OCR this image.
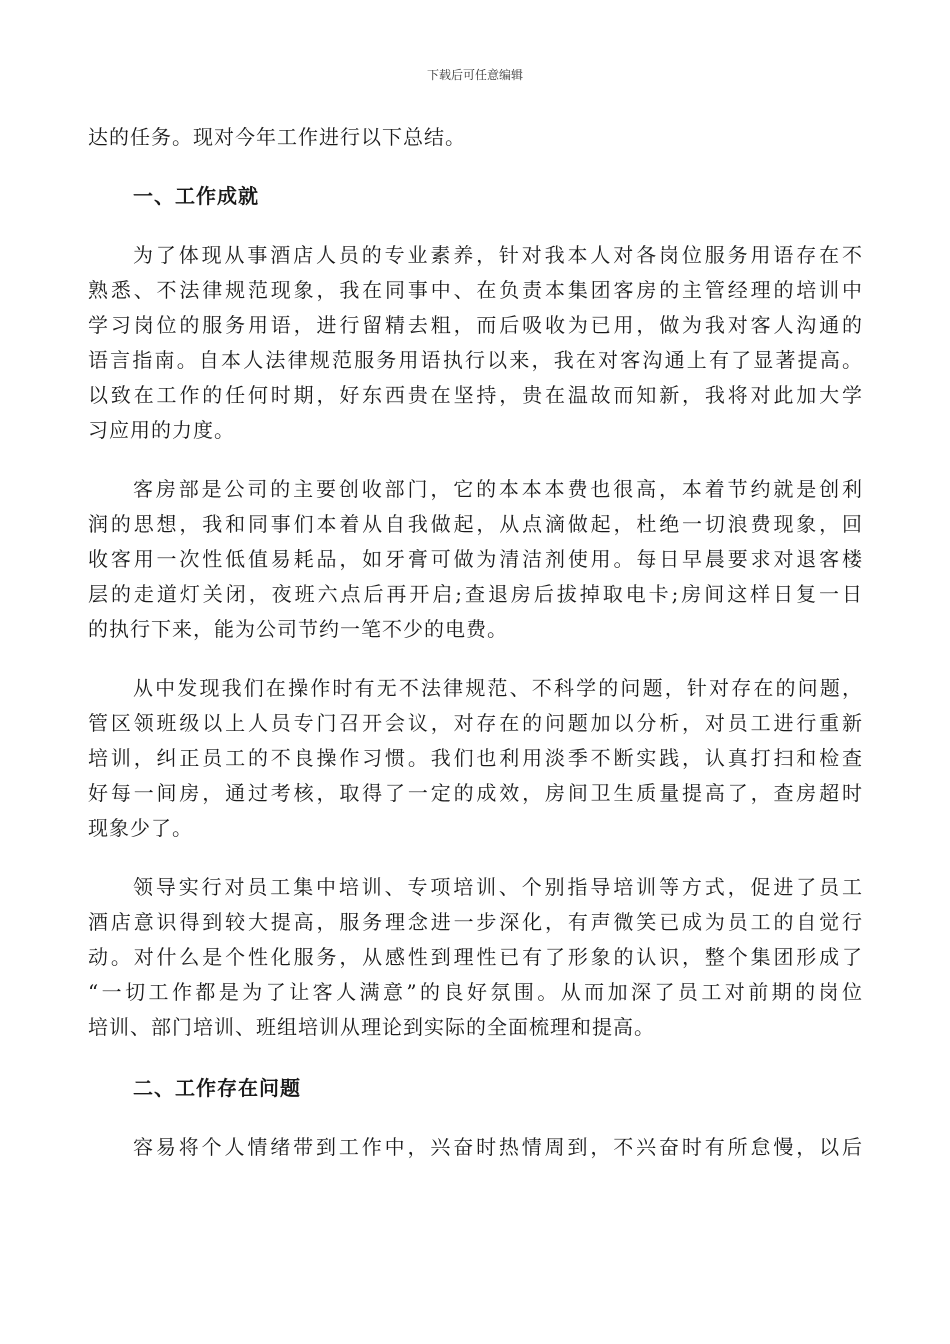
下载后可任意编辑
达的任务。现对今年工作进行以下总结。
一、工作成就
为了体现从事酒店人员的专业素养，针对我本人对各岗位服务用语存在不
熟悉、不法律规范现象，我在同事中、在负责本集团客房的主管经理的培训中
学习岗位的服务用语，进行留精去粗，而后吸收为已用，做为我对客人沟通的
语言指南。自本人法律规范服务用语执行以来，我在对客沟通上有了显著提高。
以致在工作的任何时期，好东西贵在坚持，贵在温故而知新，我将对此加大学
习应用的力度。
客房部是公司的主要创收部门，它的本本本费也很高，本着节约就是创利
润的思想，我和同事们本着从自我做起，从点滴做起，杜绝一切浪费现象，回
收客用一次性低值易耗品，如牙膏可做为清洁剂使用。每日早晨要求对退客楼
层的走道灯关闭，夜班六点后再开启;查退房后拔掉取电卡;房间这样日复一日
的执行下来，能为公司节约一笔不少的电费。
从中发现我们在操作时有无不法律规范、不科学的问题，针对存在的问题，
管区领班级以上人员专门召开会议，对存在的问题加以分析，对员工进行重新
培训，纠正员工的不良操作习惯。我们也利用淡季不断实践，认真打扫和检查
好每一间房，通过考核，取得了一定的成效，房间卫生质量提高了，查房超时
现象少了。
领导实行对员工集中培训、专项培训、个别指导培训等方式，促进了员工
酒店意识得到较大提高，服务理念进一步深化，有声微笑已成为员工的自觉行
动。对什么是个性化服务，从感性到理性已有了形象的认识，整个集团形成了
“一切工作都是为了让客人满意”的良好氛围。从而加深了员工对前期的岗位
培训、部门培训、班组培训从理论到实际的全面梳理和提高。
二、工作存在问题
容易将个人情绪带到工作中，兴奋时热情周到，不兴奋时有所怠慢，以后
